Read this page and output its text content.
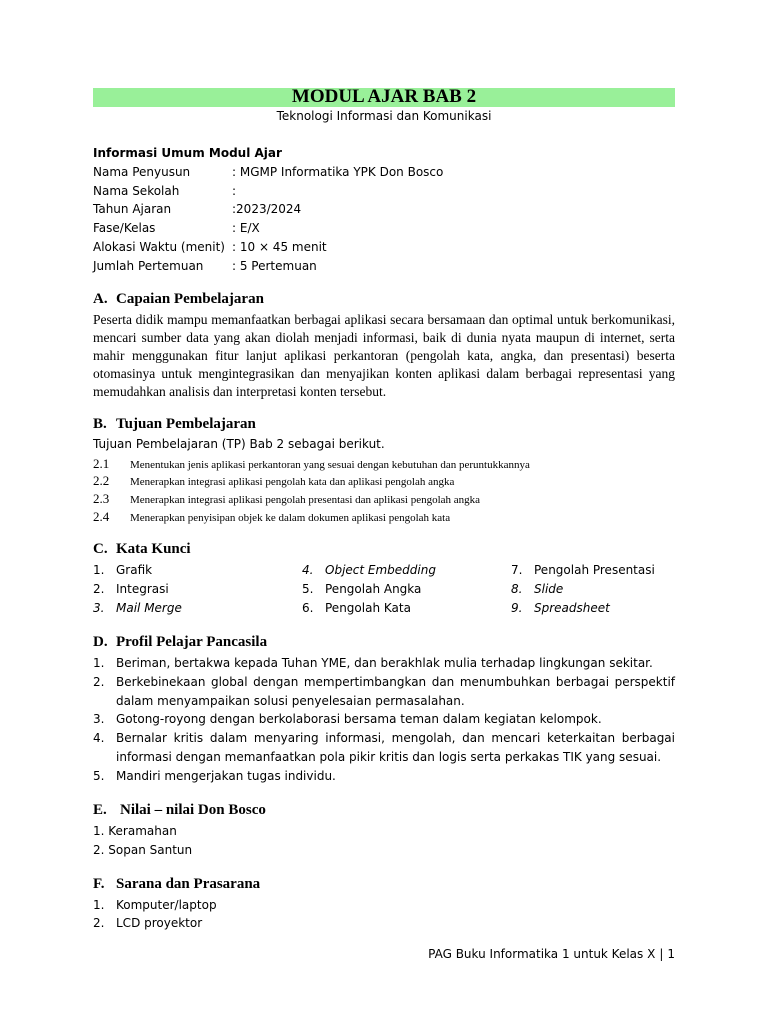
MODUL AJAR BAB 2
Teknologi Informasi dan Komunikasi
Informasi Umum Modul Ajar
Nama Penyusun	: MGMP Informatika YPK Don Bosco
Nama Sekolah	:
Tahun Ajaran	:2023/2024
Fase/Kelas	: E/X
Alokasi Waktu (menit) : 10 × 45 menit
Jumlah Pertemuan : 5 Pertemuan
A. Capaian Pembelajaran

Peserta didik mampu memanfaatkan berbagai aplikasi secara bersamaan dan optimal untuk berkomunikasi, mencari sumber data yang akan diolah menjadi informasi, baik di dunia nyata maupun di internet, serta mahir menggunakan fitur lanjut aplikasi perkantoran (pengolah kata, angka, dan presentasi) beserta otomasinya untuk mengintegrasikan dan menyajikan konten aplikasi dalam berbagai representasi yang memudahkan analisis dan interpretasi konten tersebut.

B. Tujuan Pembelajaran
Tujuan Pembelajaran (TP) Bab 2 sebagai berikut.
2.1 Menentukan jenis aplikasi perkantoran yang sesuai dengan kebutuhan dan peruntukkannya
2.2 Menerapkan integrasi aplikasi pengolah kata dan aplikasi pengolah angka
2.3 Menerapkan integrasi aplikasi pengolah presentasi dan aplikasi pengolah angka
2.4 Menerapkan penyisipan objek ke dalam dokumen aplikasi pengolah kata
C. Kata Kunci
1. Grafik
2. Integrasi
3. Mail Merge
4. Object Embedding
5. Pengolah Angka
6. Pengolah Kata
7. Pengolah Presentasi
8. Slide
9. Spreadsheet
D. Profil Pelajar Pancasila
1. Beriman, bertakwa kepada Tuhan YME, dan berakhlak mulia terhadap lingkungan sekitar.
2. Berkebinekaan global dengan mempertimbangkan dan menumbuhkan berbagai perspektif dalam menyampaikan solusi penyelesaian permasalahan.
3. Gotong-royong dengan berkolaborasi bersama teman dalam kegiatan kelompok.
4. Bernalar kritis dalam menyaring informasi, mengolah, dan mencari keterkaitan berbagai informasi dengan memanfaatkan pola pikir kritis dan logis serta perkakas TIK yang sesuai.
5. Mandiri mengerjakan tugas individu.
E. Nilai – nilai Don Bosco
1. Keramahan
2. Sopan Santun
F. Sarana dan Prasarana
1. Komputer/laptop
2. LCD proyektor
PAG Buku Informatika 1 untuk Kelas X | 1
